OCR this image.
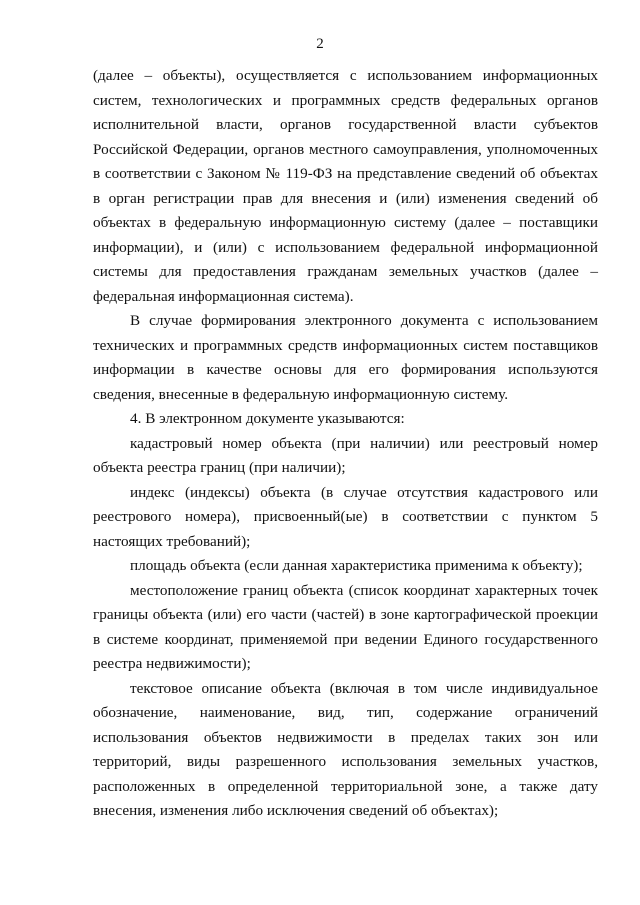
2

(далее – объекты), осуществляется с использованием информационных систем, технологических и программных средств федеральных органов исполнительной власти, органов государственной власти субъектов Российской Федерации, органов местного самоуправления, уполномоченных в соответствии с Законом № 119-ФЗ на представление сведений об объектах в орган регистрации прав для внесения и (или) изменения сведений об объектах в федеральную информационную систему (далее – поставщики информации), и (или) с использованием федеральной информационной системы для предоставления гражданам земельных участков (далее – федеральная информационная система).

В случае формирования электронного документа с использованием технических и программных средств информационных систем поставщиков информации в качестве основы для его формирования используются сведения, внесенные в федеральную информационную систему.

4. В электронном документе указываются:

кадастровый номер объекта (при наличии) или реестровый номер объекта реестра границ (при наличии);

индекс (индексы) объекта (в случае отсутствия кадастрового или реестрового номера), присвоенный(ые) в соответствии с пунктом 5 настоящих требований);

площадь объекта (если данная характеристика применима к объекту);

местоположение границ объекта (список координат характерных точек границы объекта (или) его части (частей) в зоне картографической проекции в системе координат, применяемой при ведении Единого государственного реестра недвижимости);

текстовое описание объекта (включая в том числе индивидуальное обозначение, наименование, вид, тип, содержание ограничений использования объектов недвижимости в пределах таких зон или территорий, виды разрешенного использования земельных участков, расположенных в определенной территориальной зоне, а также дату внесения, изменения либо исключения сведений об объектах);
